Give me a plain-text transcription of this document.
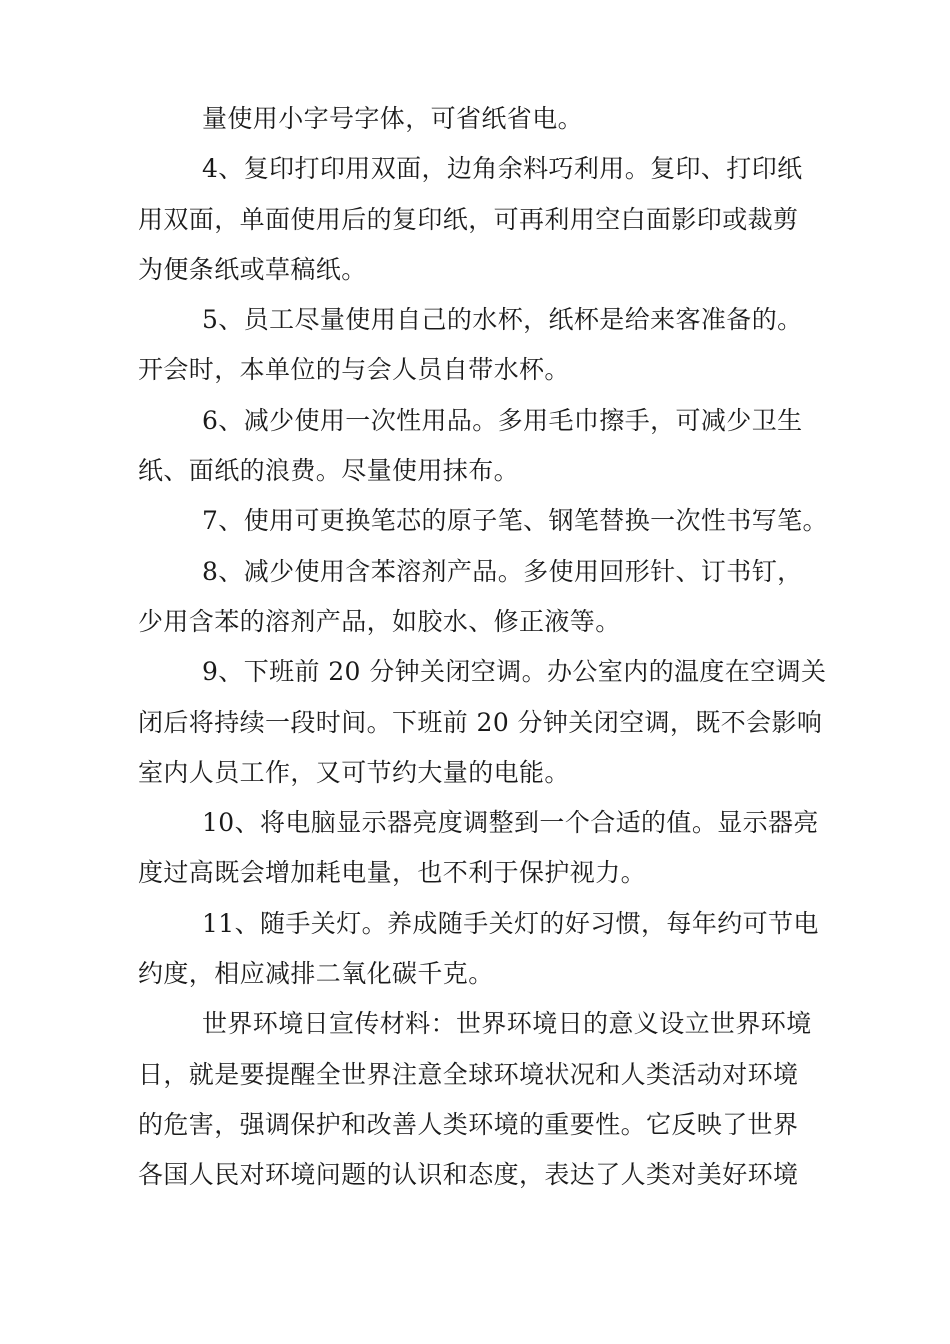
量使用小字号字体，可省纸省电。
4、复印打印用双面，边角余料巧利用。复印、打印纸
用双面，单面使用后的复印纸，可再利用空白面影印或裁剪
为便条纸或草稿纸。
5、员工尽量使用自己的水杯，纸杯是给来客准备的。
开会时，本单位的与会人员自带水杯。
6、减少使用一次性用品。多用毛巾擦手，可减少卫生
纸、面纸的浪费。尽量使用抹布。
7、使用可更换笔芯的原子笔、钢笔替换一次性书写笔。
8、减少使用含苯溶剂产品。多使用回形针、订书钉，
少用含苯的溶剂产品，如胶水、修正液等。
9、下班前 20 分钟关闭空调。办公室内的温度在空调关
闭后将持续一段时间。下班前 20 分钟关闭空调，既不会影响
室内人员工作，又可节约大量的电能。
10、将电脑显示器亮度调整到一个合适的值。显示器亮
度过高既会增加耗电量，也不利于保护视力。
11、随手关灯。养成随手关灯的好习惯，每年约可节电
约度，相应减排二氧化碳千克。
世界环境日宣传材料：世界环境日的意义设立世界环境
日，就是要提醒全世界注意全球环境状况和人类活动对环境
的危害，强调保护和改善人类环境的重要性。它反映了世界
各国人民对环境问题的认识和态度，表达了人类对美好环境
